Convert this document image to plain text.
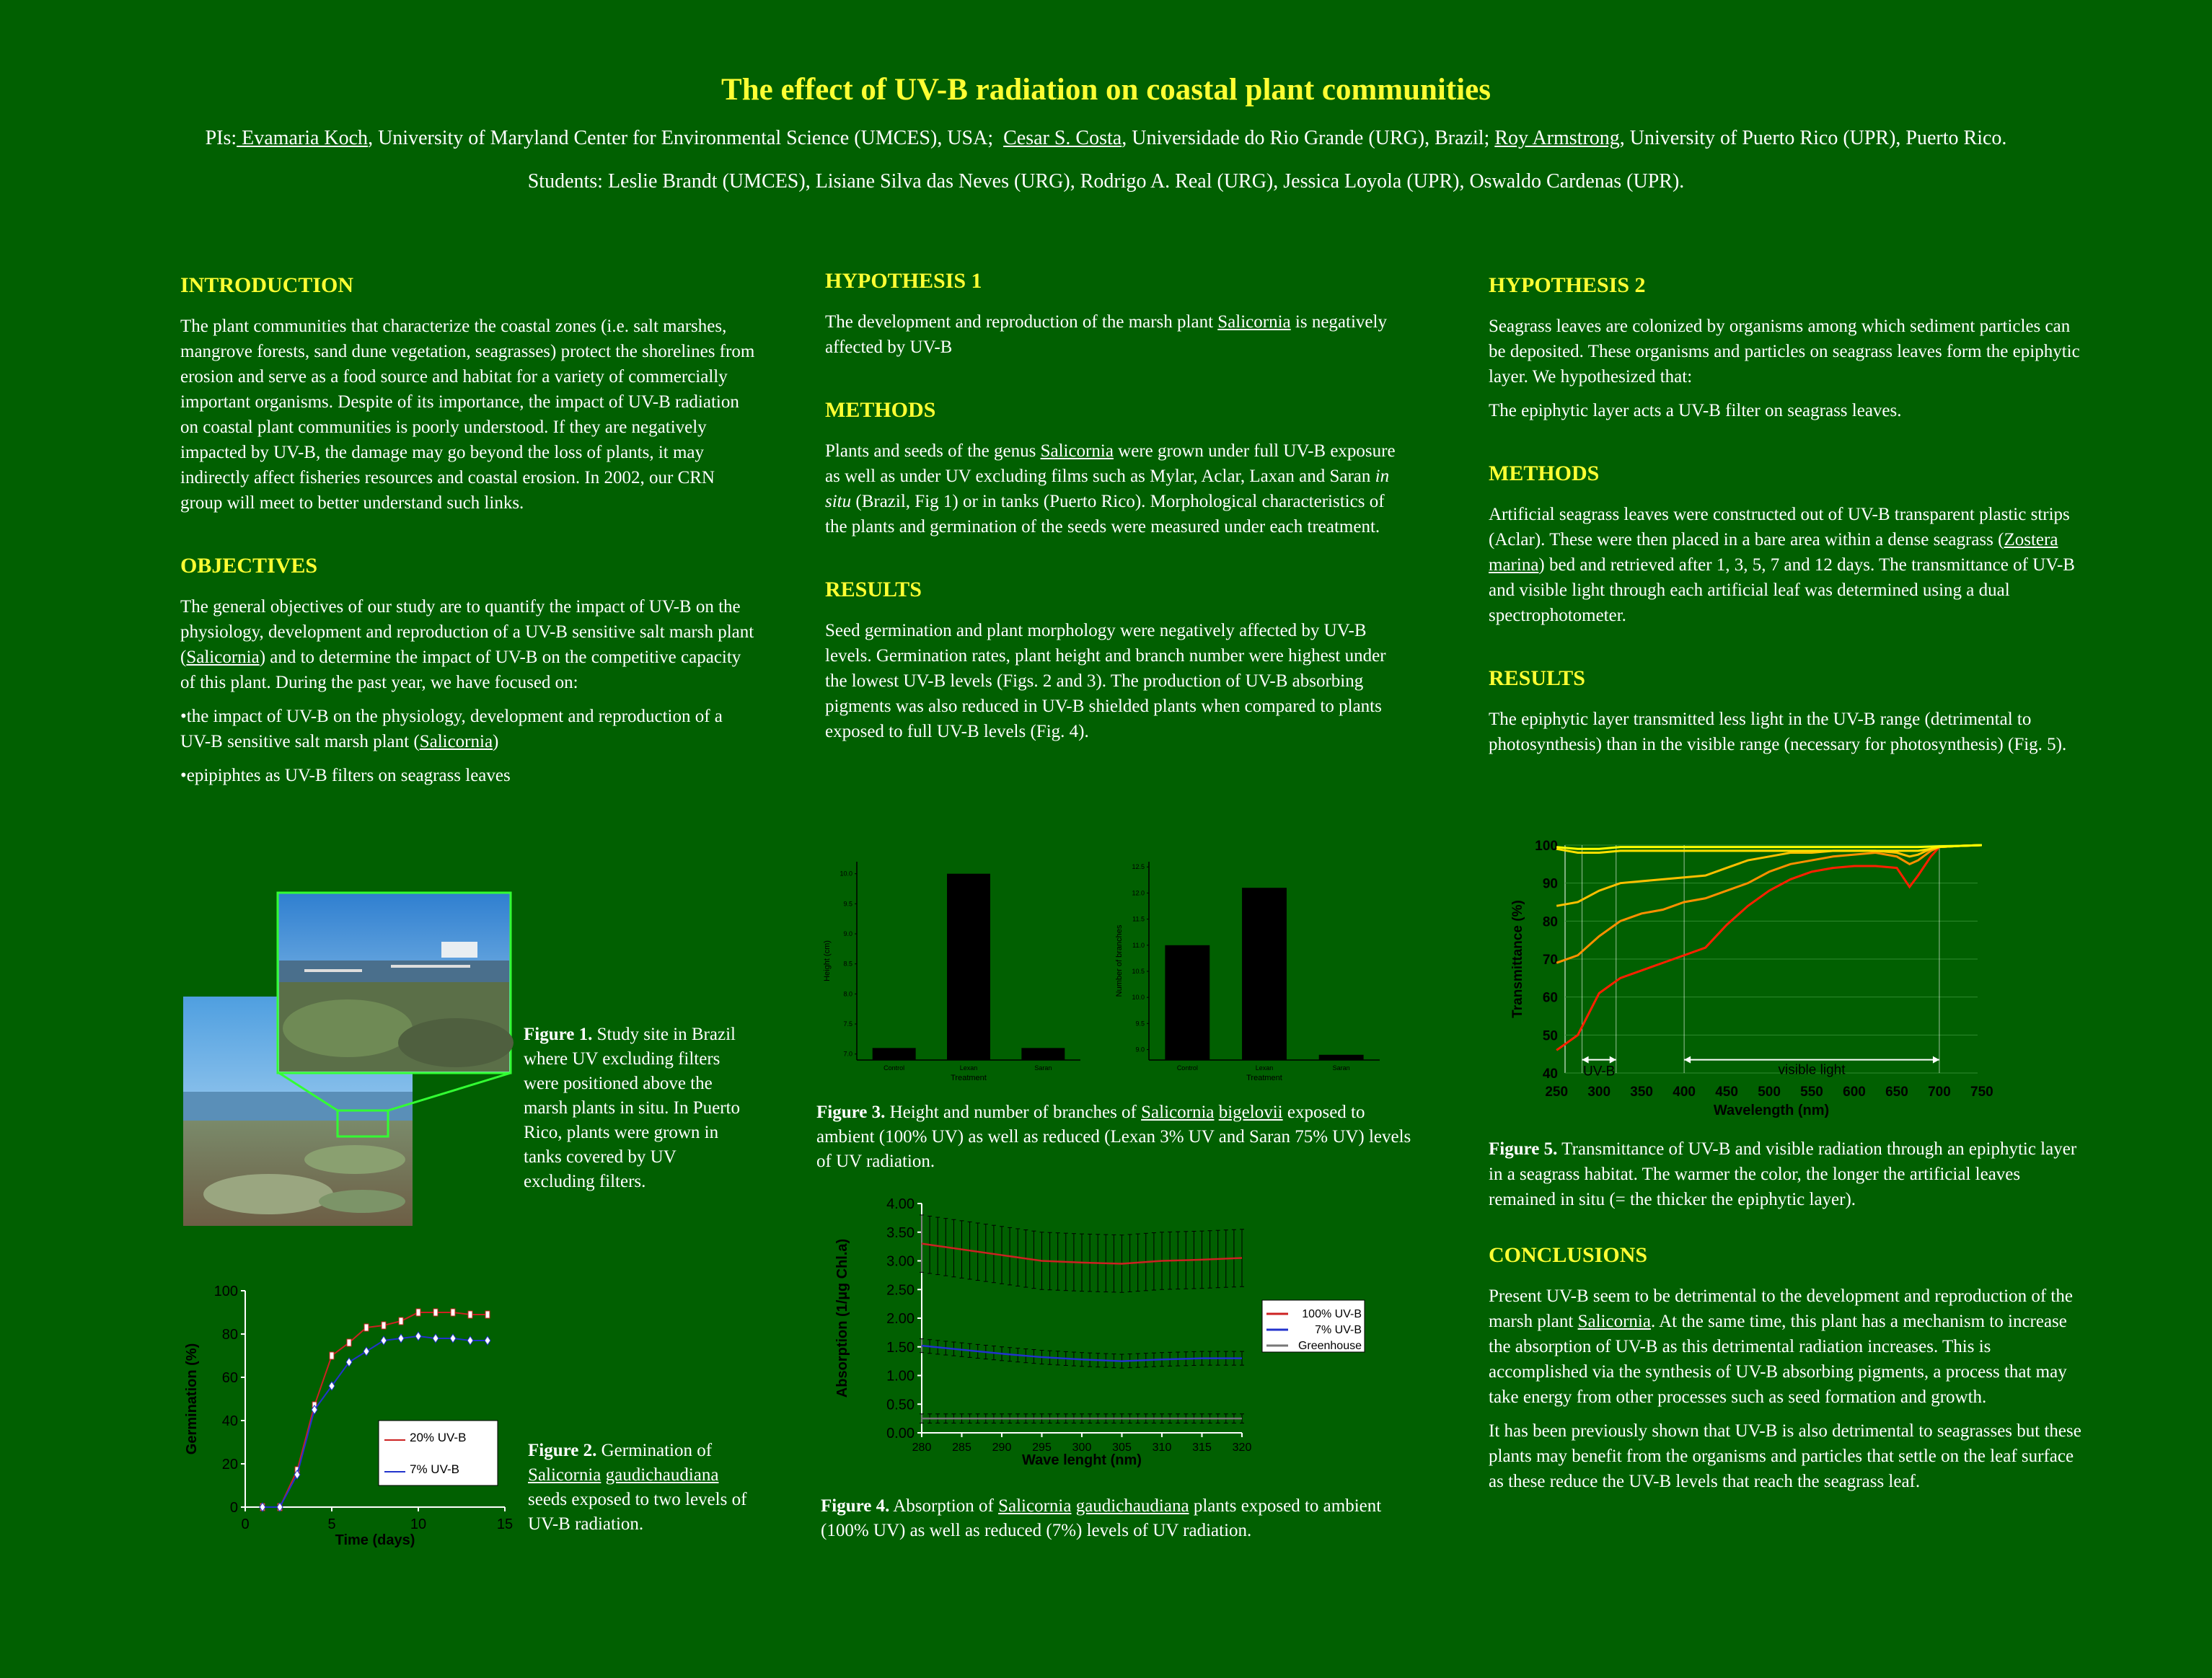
The effect of UV-B radiation on coastal plant communities
PIs: Evamaria Koch, University of Maryland Center for Environmental Science (UMCES), USA; Cesar S. Costa, Universidade do Rio Grande (URG), Brazil; Roy Armstrong, University of Puerto Rico (UPR), Puerto Rico.
Students: Leslie Brandt (UMCES), Lisiane Silva das Neves (URG), Rodrigo A. Real (URG), Jessica Loyola (UPR), Oswaldo Cardenas (UPR).
INTRODUCTION

The plant communities that characterize the coastal zones (i.e. salt marshes, mangrove forests, sand dune vegetation, seagrasses) protect the shorelines from erosion and serve as a food source and habitat for a variety of commercially important organisms. Despite of its importance, the impact of UV-B radiation on coastal plant communities is poorly understood. If they are negatively impacted by UV-B, the damage may go beyond the loss of plants, it may indirectly affect fisheries resources and coastal erosion. In 2002, our CRN group will meet to better understand such links.

OBJECTIVES

The general objectives of our study are to quantify the impact of UV-B on the physiology, development and reproduction of a UV-B sensitive salt marsh plant (Salicornia) and to determine the impact of UV-B on the competitive capacity of this plant. During the past year, we have focused on:

•the impact of UV-B on the physiology, development and reproduction of a UV-B sensitive salt marsh plant (Salicornia)

•epipiphtes as UV-B filters on seagrass leaves

Figure 1. Study site in Brazil where UV excluding filters were positioned above the marsh plants in situ. In Puerto Rico, plants were grown in tanks covered by UV excluding filters.
0
20
40
60
80
100
0	5	10	15
Time (days)
Germination (%)	20% UV-B
7% UV-B
Figure 2. Germination of Salicornia gaudichaudiana seeds exposed to two levels of UV-B radiation.
HYPOTHESIS 1

The development and reproduction of the marsh plant Salicornia is negatively affected by UV-B

METHODS

Plants and seeds of the genus Salicornia were grown under full UV-B exposure as well as under UV excluding films such as Mylar, Aclar, Laxan and Saran in situ (Brazil, Fig 1) or in tanks (Puerto Rico). Morphological characteristics of the plants and germination of the seeds were measured under each treatment.

RESULTS

Seed germination and plant morphology were negatively affected by UV-B levels. Germination rates, plant height and branch number were highest under the lowest UV-B levels (Figs. 2 and 3). The production of UV-B absorbing pigments was also reduced in UV-B shielded plants when compared to plants exposed to full UV-B levels (Fig. 4).

7.0
7.5
8.0
8.5
9.0
9.5
10.0
Control	Lexan	Saran
Treatment
Height (cm)
9.0
9.5
10.0
10.5
11.0
11.5
12.0
12.5
Control	Lexan	Saran
Treatment
Number of branches
Figure 3. Height and number of branches of Salicornia bigelovii exposed to ambient (100% UV) as well as reduced (Lexan 3% UV and Saran 75% UV) levels of UV radiation.
0.00
0.50
1.00
1.50
2.00
2.50
3.00
3.50
4.00
280 285 290 295 300 305 310 315 320
Wave lenght (nm)
Absorption (1/µg Chl.a)	100% UV-B
7% UV-B
Greenhouse
Figure 4. Absorption of Salicornia gaudichaudiana plants exposed to ambient (100% UV) as well as reduced (7%) levels of UV radiation.
HYPOTHESIS 2

Seagrass leaves are colonized by organisms among which sediment particles can be deposited. These organisms and particles on seagrass leaves form the epiphytic layer. We hypothesized that:

The epiphytic layer acts a UV-B filter on seagrass leaves.

METHODS

Artificial seagrass leaves were constructed out of UV-B transparent plastic strips (Aclar). These were then placed in a bare area within a dense seagrass (Zostera marina) bed and retrieved after 1, 3, 5, 7 and 12 days. The transmittance of UV-B and visible light through each artificial leaf was determined using a dual spectrophotometer.

RESULTS

The epiphytic layer transmitted less light in the UV-B range (detrimental to photosynthesis) than in the visible range (necessary for photosynthesis) (Fig. 5).

40
50
60
70
80
90
100
250 300 350 400 450 500 550 600 650 700 750
Wavelength (nm)
Transmittance (%)
UV-B	visible light

Figure 5. Transmittance of UV-B and visible radiation through an epiphytic layer in a seagrass habitat. The warmer the color, the longer the artificial leaves remained in situ (= the thicker the epiphytic layer).

CONCLUSIONS

Present UV-B seem to be detrimental to the development and reproduction of the marsh plant Salicornia. At the same time, this plant has a mechanism to increase the absorption of UV-B as this detrimental radiation increases. This is accomplished via the synthesis of UV-B absorbing pigments, a process that may take energy from other processes such as seed formation and growth.

It has been previously shown that UV-B is also detrimental to seagrasses but these plants may benefit from the organisms and particles that settle on the leaf surface as these reduce the UV-B levels that reach the seagrass leaf.
